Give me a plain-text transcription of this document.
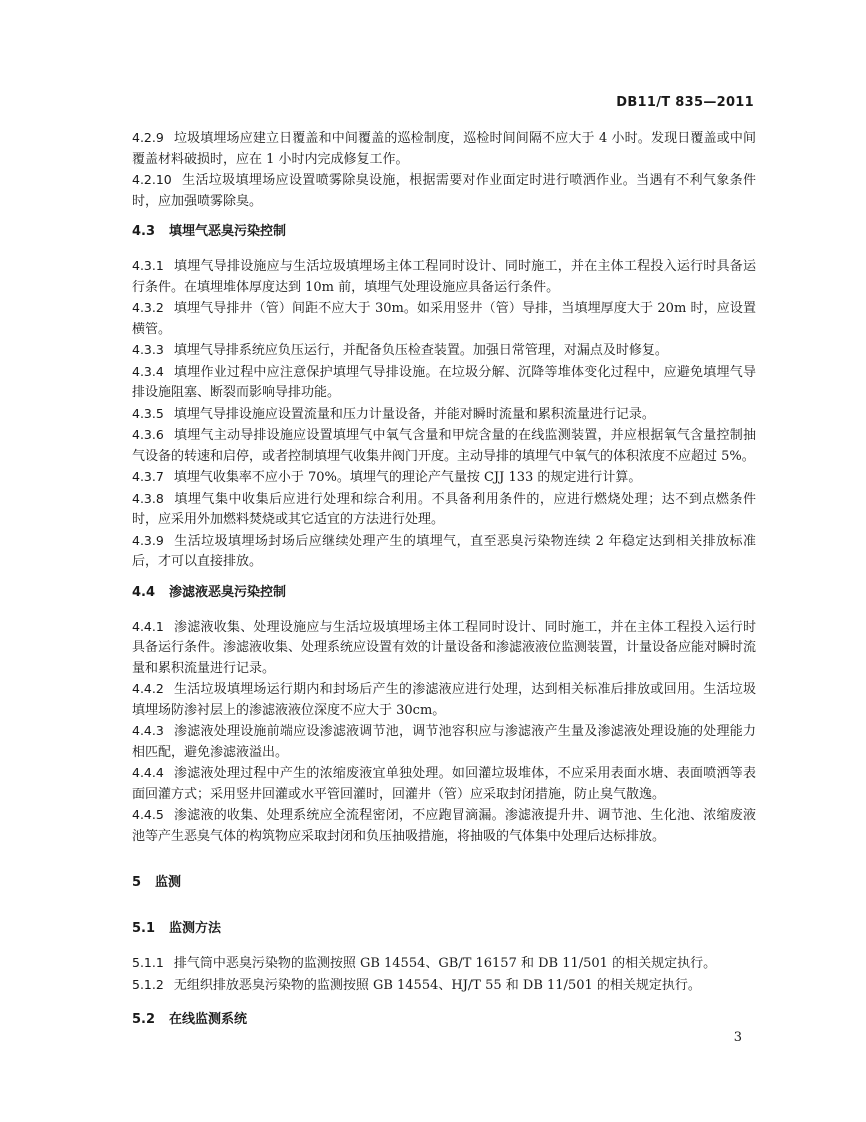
DB11/T 835—2011

4.2.9 垃圾填埋场应建立日覆盖和中间覆盖的巡检制度，巡检时间间隔不应大于 4 小时。发现日覆盖或中间覆盖材料破损时，应在 1 小时内完成修复工作。

4.2.10 生活垃圾填埋场应设置喷雾除臭设施，根据需要对作业面定时进行喷洒作业。当遇有不利气象条件时，应加强喷雾除臭。

4.3 填埋气恶臭污染控制

4.3.1 填埋气导排设施应与生活垃圾填埋场主体工程同时设计、同时施工，并在主体工程投入运行时具备运行条件。在填埋堆体厚度达到 10m 前，填埋气处理设施应具备运行条件。

4.3.2 填埋气导排井（管）间距不应大于 30m。如采用竖井（管）导排，当填埋厚度大于 20m 时，应设置横管。

4.3.3 填埋气导排系统应负压运行，并配备负压检查装置。加强日常管理，对漏点及时修复。

4.3.4 填埋作业过程中应注意保护填埋气导排设施。在垃圾分解、沉降等堆体变化过程中，应避免填埋气导排设施阻塞、断裂而影响导排功能。

4.3.5 填埋气导排设施应设置流量和压力计量设备，并能对瞬时流量和累积流量进行记录。

4.3.6 填埋气主动导排设施应设置填埋气中氧气含量和甲烷含量的在线监测装置，并应根据氧气含量控制抽气设备的转速和启停，或者控制填埋气收集井阀门开度。主动导排的填埋气中氧气的体积浓度不应超过 5%。

4.3.7 填埋气收集率不应小于 70%。填埋气的理论产气量按 CJJ 133 的规定进行计算。

4.3.8 填埋气集中收集后应进行处理和综合利用。不具备利用条件的，应进行燃烧处理；达不到点燃条件时，应采用外加燃料焚烧或其它适宜的方法进行处理。

4.3.9 生活垃圾填埋场封场后应继续处理产生的填埋气，直至恶臭污染物连续 2 年稳定达到相关排放标准后，才可以直接排放。

4.4 渗滤液恶臭污染控制

4.4.1 渗滤液收集、处理设施应与生活垃圾填埋场主体工程同时设计、同时施工，并在主体工程投入运行时具备运行条件。渗滤液收集、处理系统应设置有效的计量设备和渗滤液液位监测装置，计量设备应能对瞬时流量和累积流量进行记录。

4.4.2 生活垃圾填埋场运行期内和封场后产生的渗滤液应进行处理，达到相关标准后排放或回用。生活垃圾填埋场防渗衬层上的渗滤液液位深度不应大于 30cm。

4.4.3 渗滤液处理设施前端应设渗滤液调节池，调节池容积应与渗滤液产生量及渗滤液处理设施的处理能力相匹配，避免渗滤液溢出。

4.4.4 渗滤液处理过程中产生的浓缩废液宜单独处理。如回灌垃圾堆体，不应采用表面水塘、表面喷洒等表面回灌方式；采用竖井回灌或水平管回灌时，回灌井（管）应采取封闭措施，防止臭气散逸。

4.4.5 渗滤液的收集、处理系统应全流程密闭，不应跑冒滴漏。渗滤液提升井、调节池、生化池、浓缩废液池等产生恶臭气体的构筑物应采取封闭和负压抽吸措施，将抽吸的气体集中处理后达标排放。

5 监测

5.1 监测方法

5.1.1 排气筒中恶臭污染物的监测按照 GB 14554、GB/T 16157 和 DB 11/501 的相关规定执行。

5.1.2 无组织排放恶臭污染物的监测按照 GB 14554、HJ/T 55 和 DB 11/501 的相关规定执行。

5.2 在线监测系统

3
